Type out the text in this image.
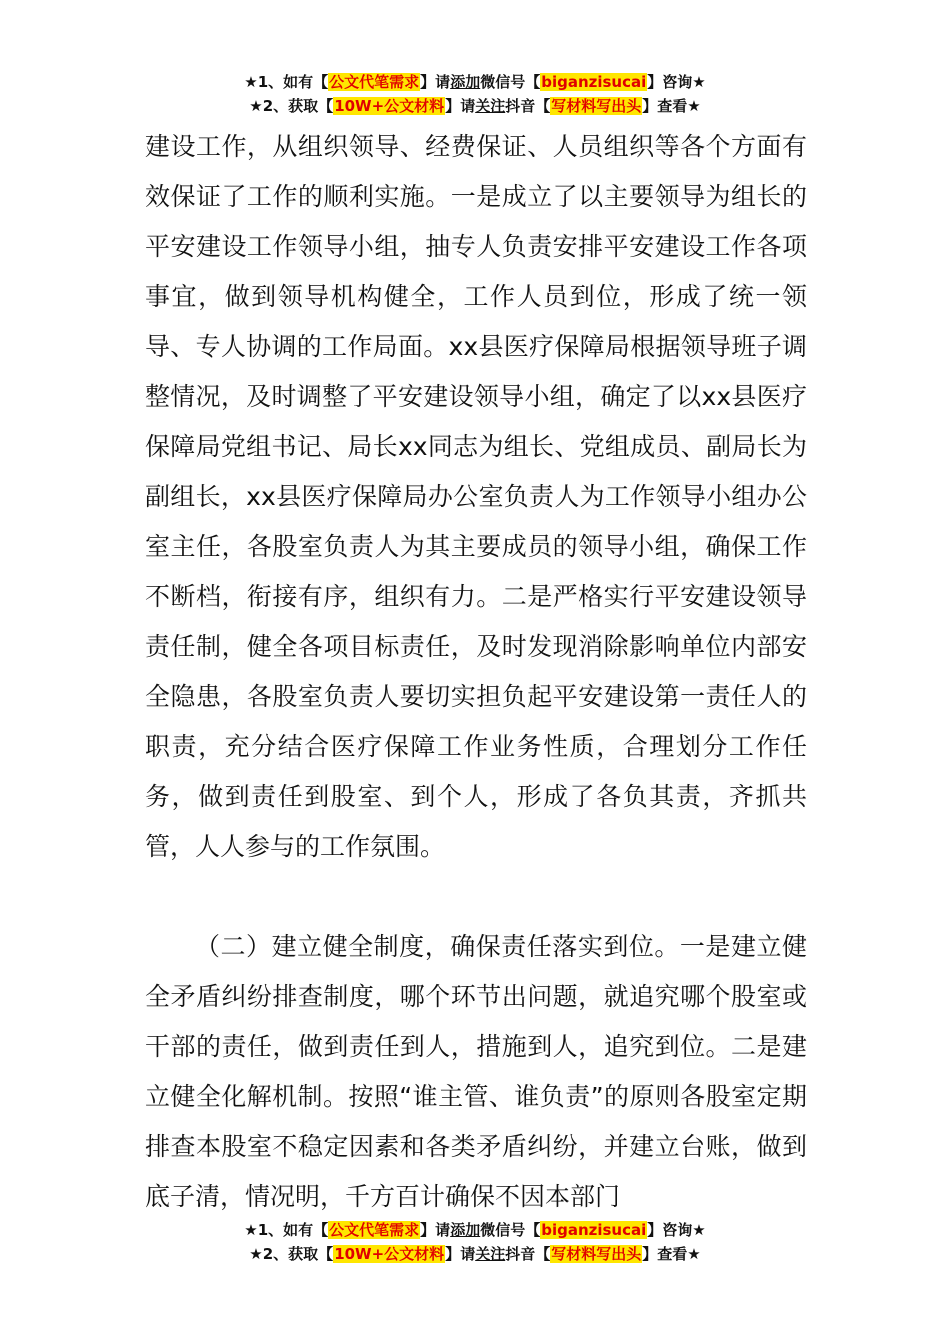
★1、如有【公文代笔需求】请添加微信号【biganzisucai】咨询★
★2、获取【10W+公文材料】请关注抖音【写材料写出头】查看★

建设工作，从组织领导、经费保证、人员组织等各个方面有效保证了工作的顺利实施。一是成立了以主要领导为组长的平安建设工作领导小组，抽专人负责安排平安建设工作各项事宜，做到领导机构健全，工作人员到位，形成了统一领导、专人协调的工作局面。xx县医疗保障局根据领导班子调整情况，及时调整了平安建设领导小组，确定了以xx县医疗保障局党组书记、局长xx同志为组长、党组成员、副局长为副组长，xx县医疗保障局办公室负责人为工作领导小组办公室主任，各股室负责人为其主要成员的领导小组，确保工作不断档，衔接有序，组织有力。二是严格实行平安建设领导责任制，健全各项目标责任，及时发现消除影响单位内部安全隐患，各股室负责人要切实担负起平安建设第一责任人的职责，充分结合医疗保障工作业务性质，合理划分工作任务，做到责任到股室、到个人，形成了各负其责，齐抓共管，人人参与的工作氛围。

（二）建立健全制度，确保责任落实到位。一是建立健全矛盾纠纷排查制度，哪个环节出问题，就追究哪个股室或干部的责任，做到责任到人，措施到人，追究到位。二是建立健全化解机制。按照“谁主管、谁负责”的原则各股室定期排查本股室不稳定因素和各类矛盾纠纷，并建立台账，做到底子清，情况明，千方百计确保不因本部门

★1、如有【公文代笔需求】请添加微信号【biganzisucai】咨询★
★2、获取【10W+公文材料】请关注抖音【写材料写出头】查看★
